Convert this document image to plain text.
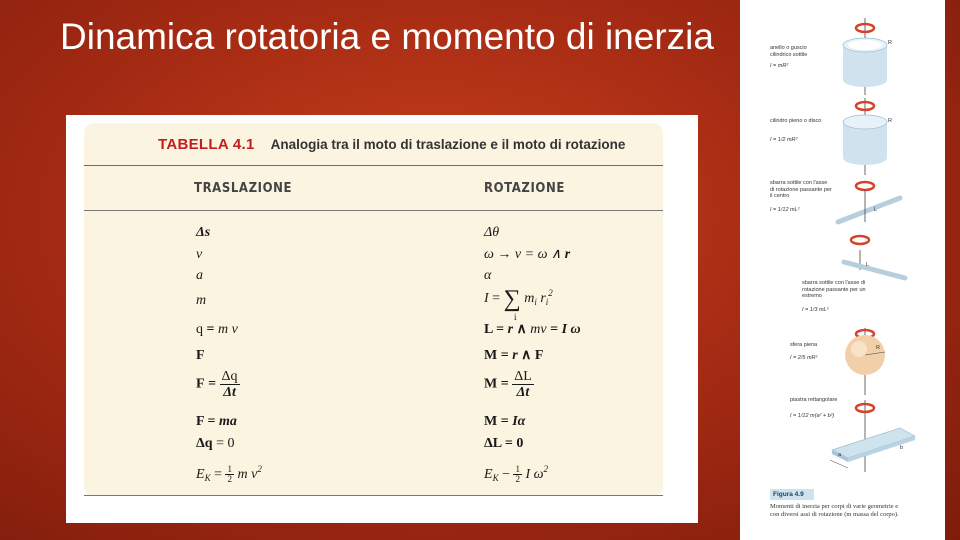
Dinamica rotatoria e momento di inerzia
TABELLA 4.1 Analogia tra il moto di traslazione e il moto di rotazione
TRASLAZIONE	ROTAZIONE
Δs	Δθ
v	ω → v = ω ∧ r
a	α
m	I = ∑ $m_i$ $r_i^2$
i
q = m v	L = r ∧ mv = I ω
F	M = r ∧ F
$F = \frac{\Delta q}{\Delta t}$	$M = \frac{\Delta L}{\Delta t}$
F = ma	M = Iα
Δq = 0	ΔL = 0
$E_K = \frac{1}{2}$ m $v^2$	$E_K - \frac{1}{2}$ I $\omega^2$
anello o guscio cilindrico sottile
I = mR²
R
cilindro pieno o disco
I = 1/2 mR²
R
sbarra sottile con l'asse di rotazione passante per il centro
I = 1/12 mL²	L
sbarra sottile con l'asse di rotazione passante per un estremo
I = 1/3 mL²
L
sfera piena
I = 2/5 mR²
R
piastra rettangolare
I = 1/12 m(a² + b²)
a
b
Figura 4.9
Momenti di inerzia per corpi di varie geometrie e con diversi assi di rotazione (m massa del corpo).
